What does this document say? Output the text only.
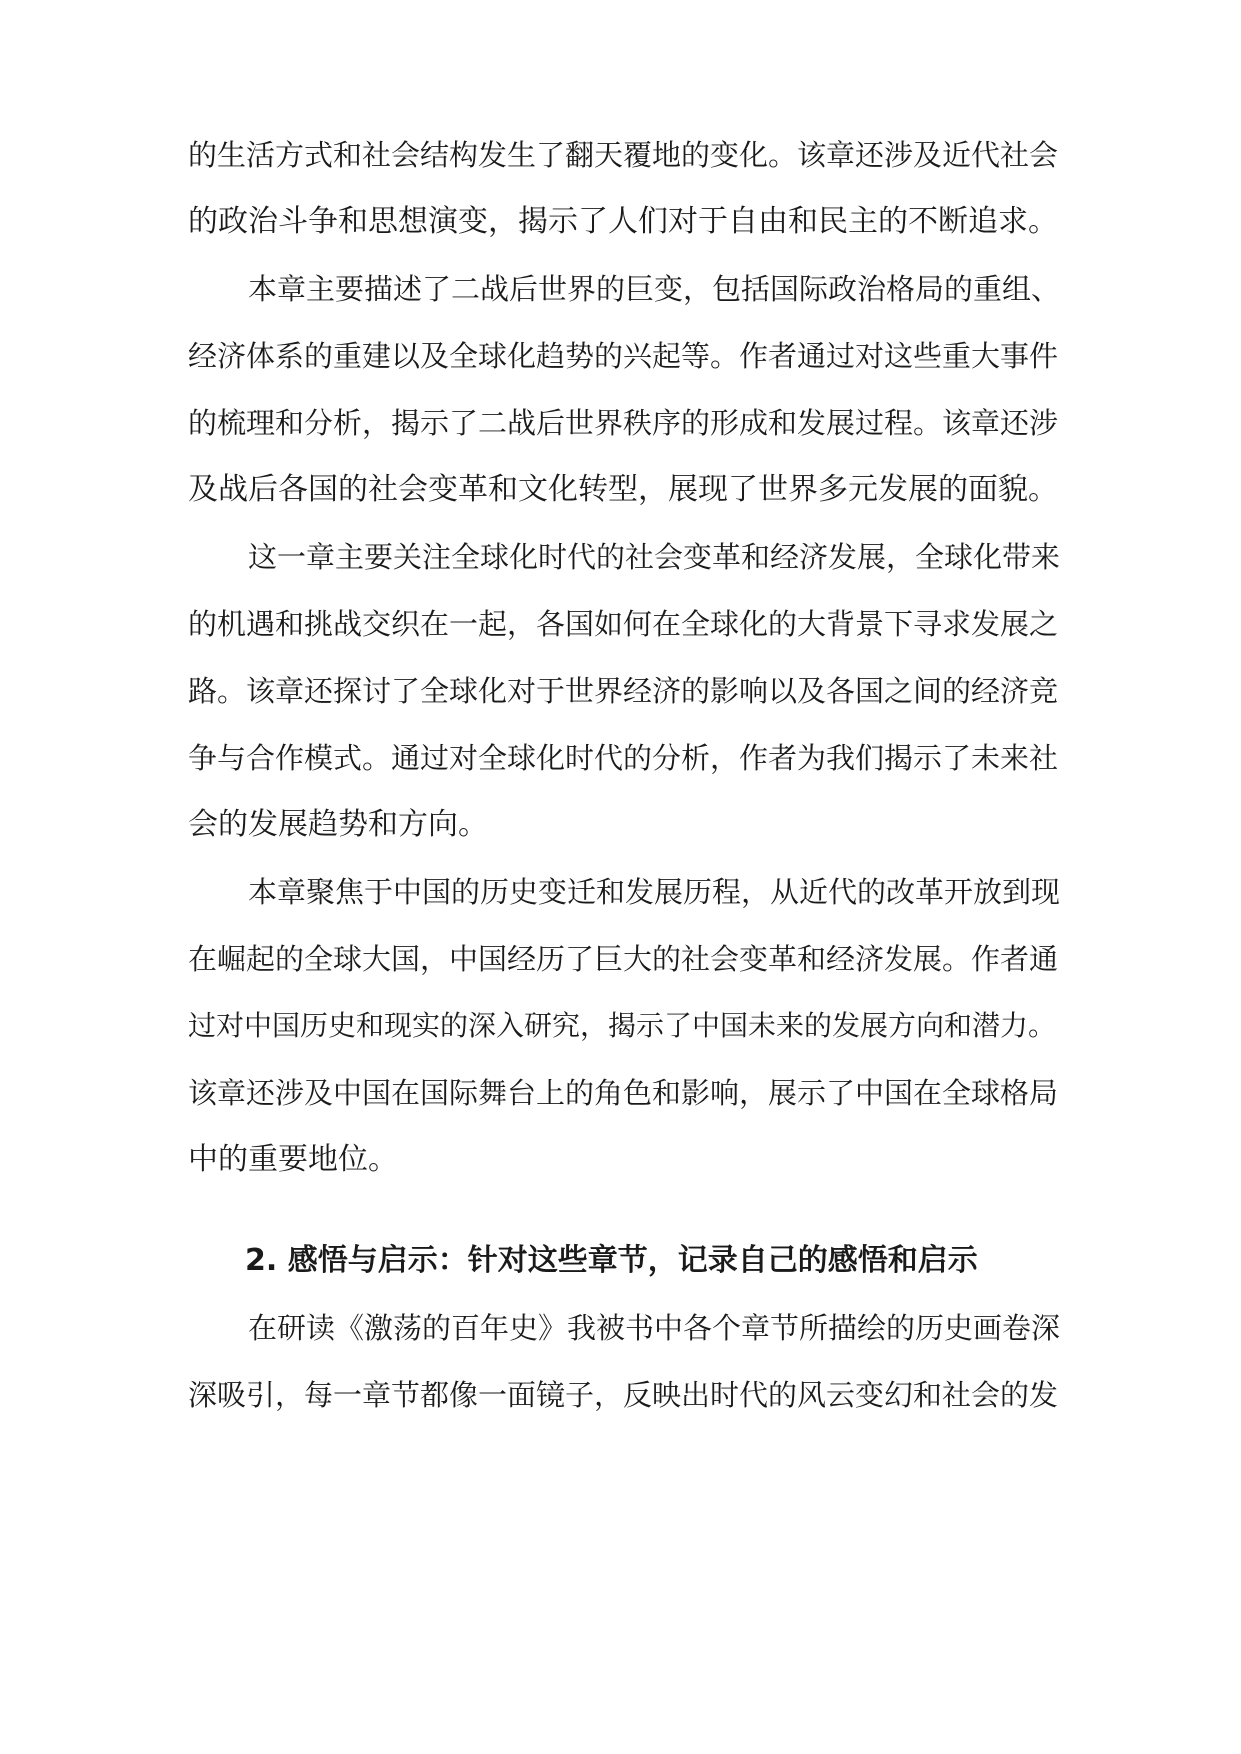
的生活方式和社会结构发生了翻天覆地的变化。该章还涉及近代社会
的政治斗争和思想演变，揭示了人们对于自由和民主的不断追求。
本章主要描述了二战后世界的巨变，包括国际政治格局的重组、
经济体系的重建以及全球化趋势的兴起等。作者通过对这些重大事件
的梳理和分析，揭示了二战后世界秩序的形成和发展过程。该章还涉
及战后各国的社会变革和文化转型，展现了世界多元发展的面貌。
这一章主要关注全球化时代的社会变革和经济发展，全球化带来
的机遇和挑战交织在一起，各国如何在全球化的大背景下寻求发展之
路。该章还探讨了全球化对于世界经济的影响以及各国之间的经济竞
争与合作模式。通过对全球化时代的分析，作者为我们揭示了未来社
会的发展趋势和方向。
本章聚焦于中国的历史变迁和发展历程，从近代的改革开放到现
在崛起的全球大国，中国经历了巨大的社会变革和经济发展。作者通
过对中国历史和现实的深入研究，揭示了中国未来的发展方向和潜力。
该章还涉及中国在国际舞台上的角色和影响，展示了中国在全球格局
中的重要地位。
2. 感悟与启示：针对这些章节，记录自己的感悟和启示
在研读《激荡的百年史》我被书中各个章节所描绘的历史画卷深
深吸引，每一章节都像一面镜子，反映出时代的风云变幻和社会的发
